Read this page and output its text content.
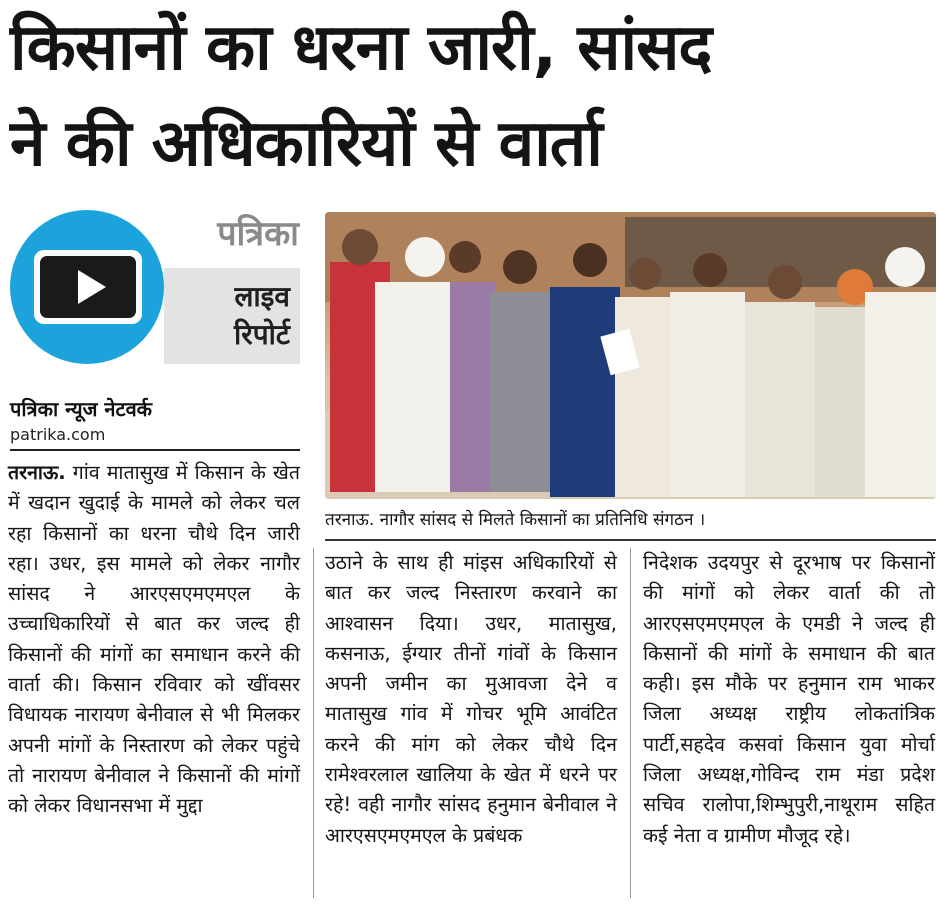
किसानों का धरना जारी, सांसद
ने की अधिकारियों से वार्ता
पत्रिका
लाइव
रिपोर्ट
पत्रिका न्यूज नेटवर्क
patrika.com
तरनाऊ. नागौर सांसद से मिलते किसानों का प्रतिनिधि संगठन ।

तरनाऊ. गांव मातासुख में किसान के खेत में खदान खुदाई के मामले को लेकर चल रहा किसानों का धरना चौथे दिन जारी रहा। उधर, इस मामले को लेकर नागौर सांसद ने आरएसएमएमएल के उच्चाधिकारियों से बात कर जल्द ही किसानों की मांगों का समाधान करने की वार्ता की। किसान रविवार को खींवसर विधायक नारायण बेनीवाल से भी मिलकर अपनी मांगों के निस्तारण को लेकर पहुंचे तो नारायण बेनीवाल ने किसानों की मांगों को लेकर विधानसभा में मुद्दा

उठाने के साथ ही मांइस अधिकारियों से बात कर जल्द निस्तारण करवाने का आश्वासन दिया। उधर, मातासुख, कसनाऊ, ईग्यार तीनों गांवों के किसान अपनी जमीन का मुआवजा देने व मातासुख गांव में गोचर भूमि आवंटित करने की मांग को लेकर चौथे दिन रामेश्वरलाल खालिया के खेत में धरने पर रहे! वही नागौर सांसद हनुमान बेनीवाल ने आरएसएमएमएल के प्रबंधक

निदेशक उदयपुर से दूरभाष पर किसानों की मांगों को लेकर वार्ता की तो आरएसएमएमएल के एमडी ने जल्द ही किसानों की मांगों के समाधान की बात कही। इस मौके पर हनुमान राम भाकर जिला अध्यक्ष राष्ट्रीय लोकतांत्रिक पार्टी,सहदेव कसवां किसान युवा मोर्चा जिला अध्यक्ष,गोविन्द राम मंडा प्रदेश सचिव रालोपा,शिम्भुपुरी,नाथूराम सहित कई नेता व ग्रामीण मौजूद रहे।
